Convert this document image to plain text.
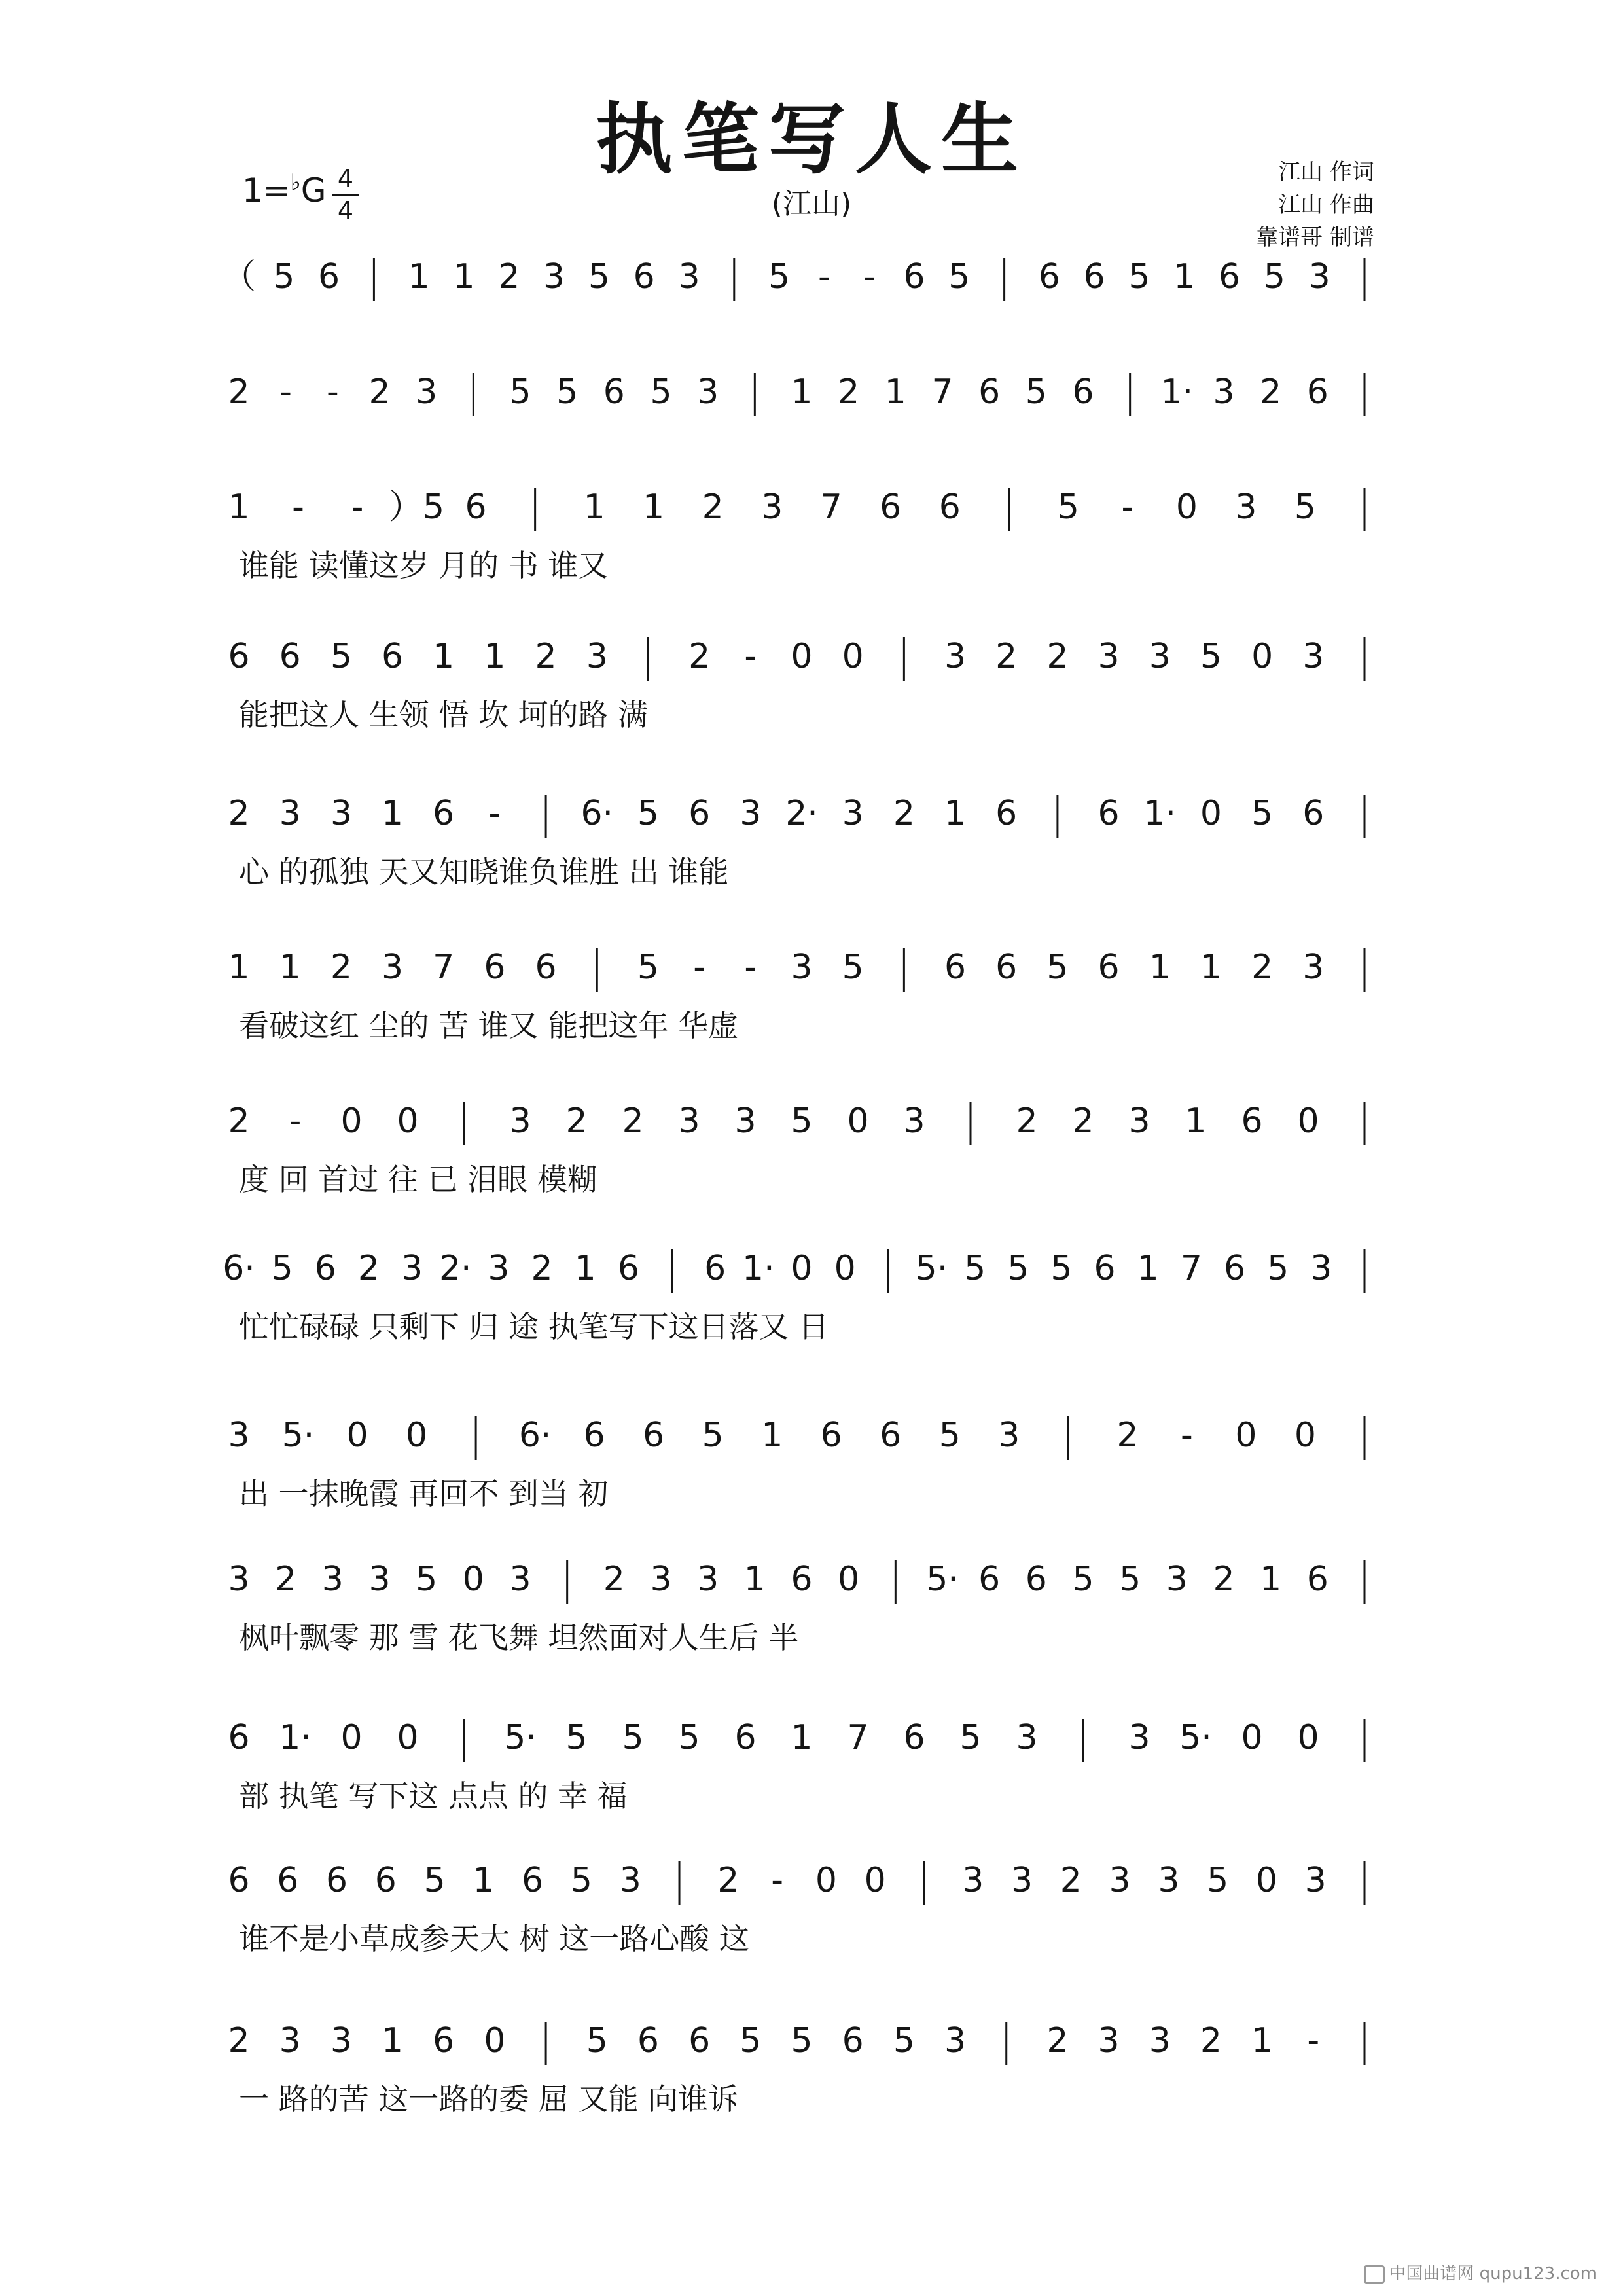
执笔写人生
(江山)
1=♭G 4
4
江山 作词
江山 作曲
靠谱哥 制谱
（ 5 6 1 1 2 3 5 6 3 5 - - 6 5 6 6 5 1 6 5 3
2 - - 2 3 5 5 6 5 3 1 2 1 7 6 5 6 1· 3 2 6
1 - - ）5 6	1 1 2 3 7 6 6	5 - 0 3 5
谁能 读懂这岁 月的 书 谁又
6 6 5 6 1 1 2 3 2 - 0 0 3 2 2 3 3 5 0 3
能把这人 生领 悟 坎 坷的路 满
2 3 3 1 6 - 6· 5 6 3 2· 3 2 1 6 6 1· 0 5 6
心 的孤独 天又知晓谁负谁胜 出 谁能
1 1 2 3 7 6 6 5 - - 3 5 6 6 5 6 1 1 2 3
看破这红 尘的 苦 谁又 能把这年 华虚
2 - 0 0	3 2 2 3 3 5 0 3	2 2 3 1 6 0
度 回 首过 往 已 泪眼 模糊
6· 5 6 2 3 2· 3 2 1 6 6 1· 0 0 5· 5 5 5 6 1 7 6 5 3
忙忙碌碌 只剩下 归 途 执笔写下这日落又 日
3 5· 0 0	6· 6 6 5 1 6 6 5 3	2 - 0 0
出 一抹晚霞 再回不 到当 初
3 2 3 3 5 0 3 2 3 3 1 6 0 5· 6 6 5 5 3 2 1 6
枫叶飘零 那 雪 花飞舞 坦然面对人生后 半
6 1· 0 0	5· 5 5 5 6 1 7 6 5 3	3 5· 0 0
部 执笔 写下这 点点 的 幸 福
6 6 6 6 5 1 6 5 3 2 - 0 0 3 3 2 3 3 5 0 3
谁不是小草成参天大 树 这一路心酸 这
2 3 3 1 6 0 5 6 6 5 5 6 5 3 2 3 3 2 1 -
一 路的苦 这一路的委 屈 又能 向谁诉
中国曲谱网 qupu123.com
